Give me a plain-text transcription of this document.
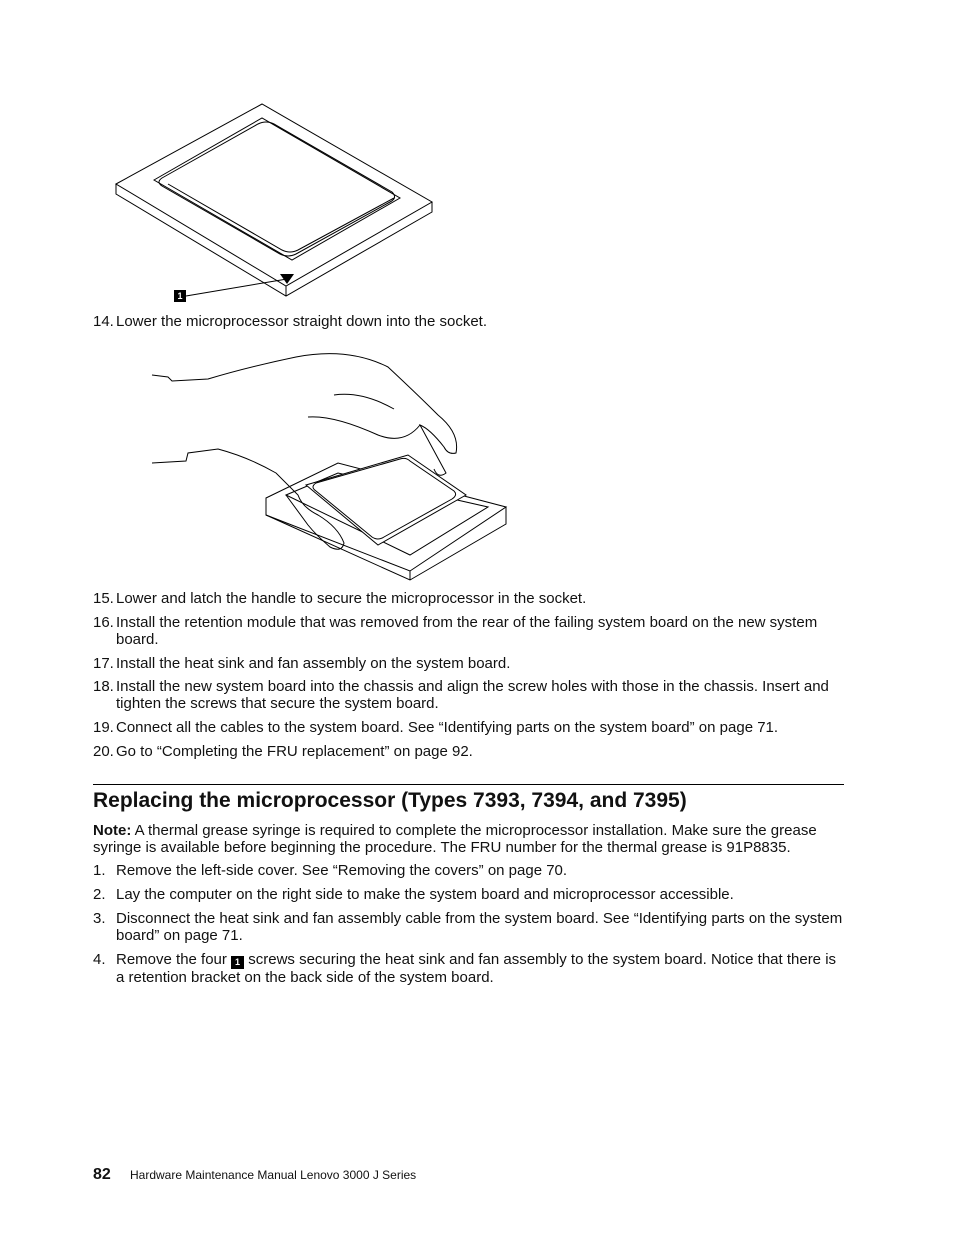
1
14. Lower the microprocessor straight down into the socket.
15. Lower and latch the handle to secure the microprocessor in the socket.
16. Install the retention module that was removed from the rear of the failing system board on the new system board.
17. Install the heat sink and fan assembly on the system board.
18. Install the new system board into the chassis and align the screw holes with those in the chassis. Insert and tighten the screws that secure the system board.
19. Connect all the cables to the system board. See “Identifying parts on the system board” on page 71.
20. Go to “Completing the FRU replacement” on page 92.
Replacing the microprocessor (Types 7393, 7394, and 7395)
Note: A thermal grease syringe is required to complete the microprocessor installation. Make sure the grease syringe is available before beginning the procedure. The FRU number for the thermal grease is 91P8835.
1. Remove the left-side cover. See “Removing the covers” on page 70.
2. Lay the computer on the right side to make the system board and microprocessor accessible.
3. Disconnect the heat sink and fan assembly cable from the system board. See “Identifying parts on the system board” on page 71.
4. Remove the four 1 screws securing the heat sink and fan assembly to the system board. Notice that there is a retention bracket on the back side of the system board.
82 Hardware Maintenance Manual Lenovo 3000 J Series
